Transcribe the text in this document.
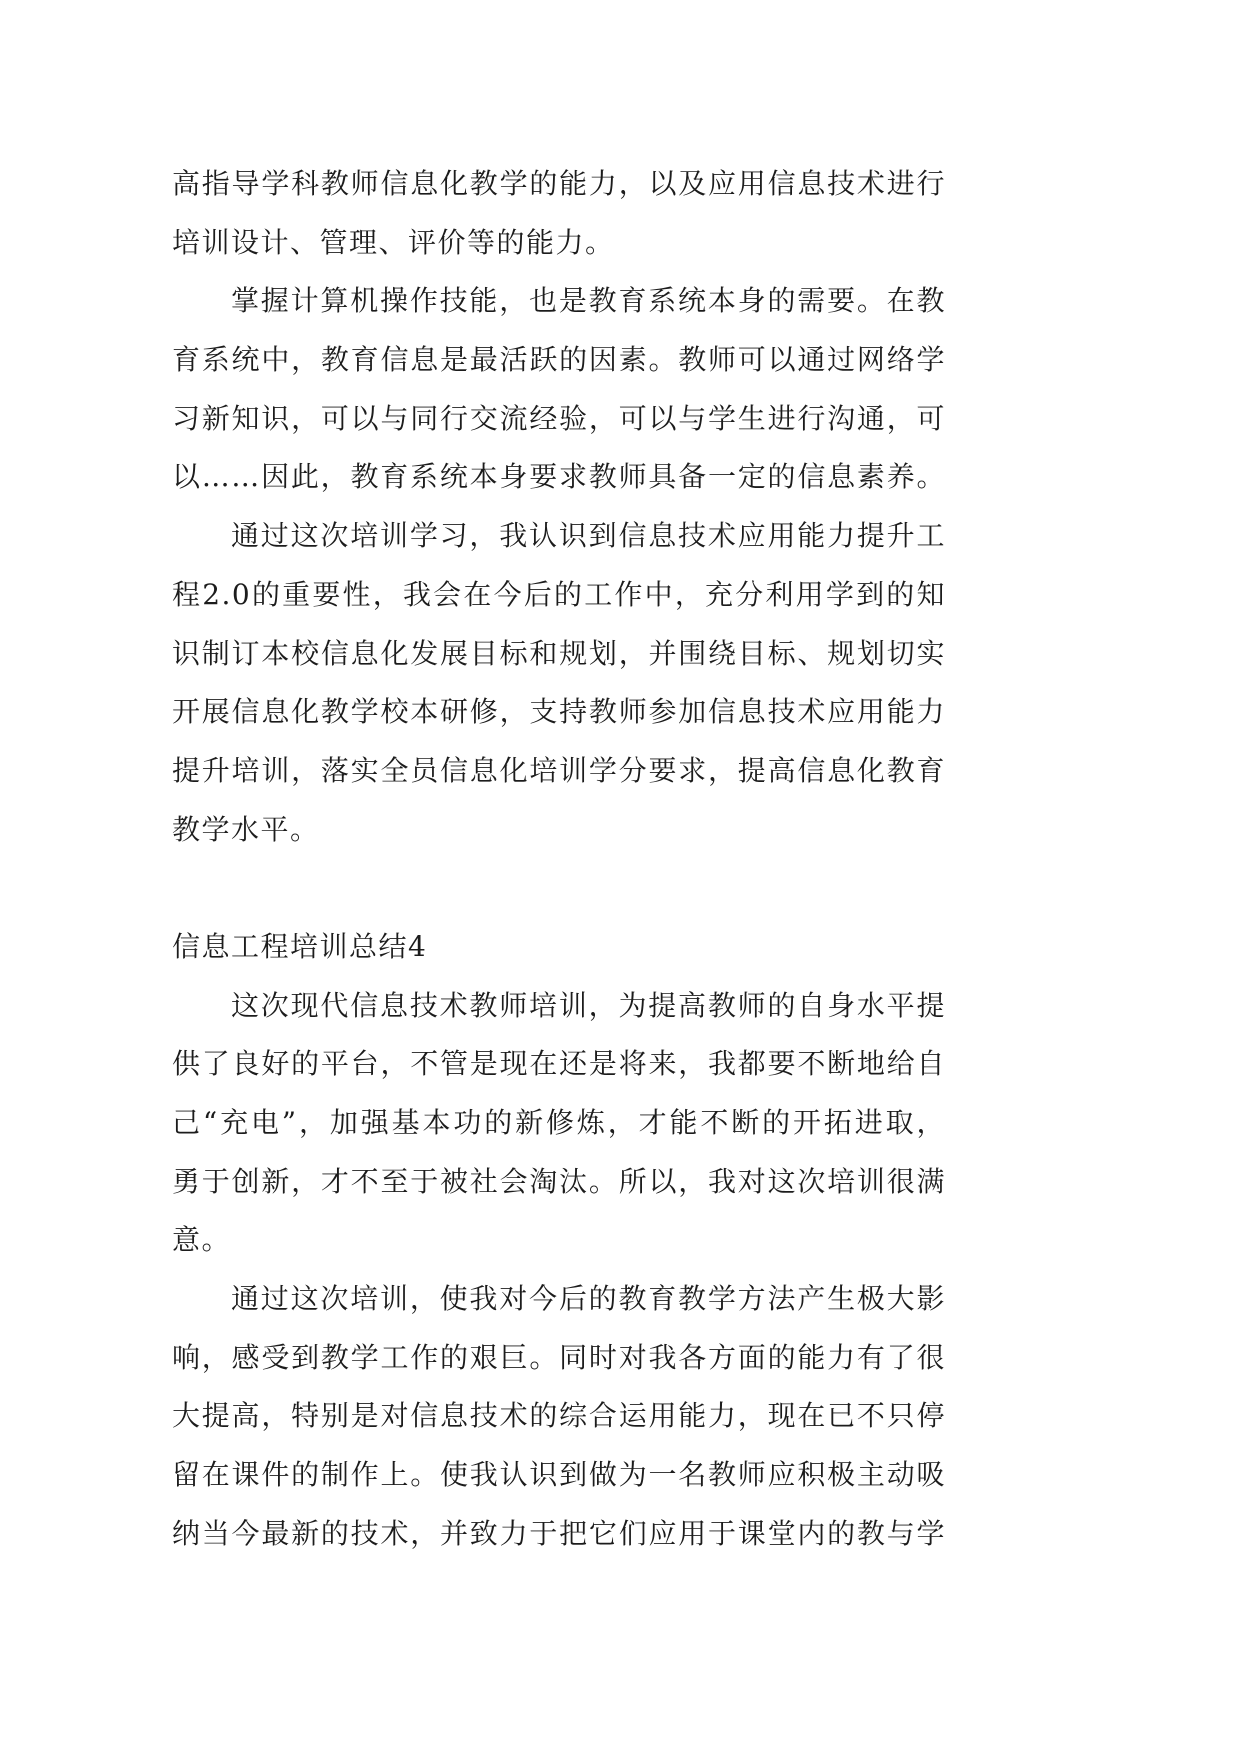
高指导学科教师信息化教学的能力，以及应用信息技术进行
培训设计、管理、评价等的能力。
掌握计算机操作技能，也是教育系统本身的需要。在教
育系统中，教育信息是最活跃的因素。教师可以通过网络学
习新知识，可以与同行交流经验，可以与学生进行沟通，可
以……因此，教育系统本身要求教师具备一定的信息素养。
通过这次培训学习，我认识到信息技术应用能力提升工
程2.0的重要性，我会在今后的工作中，充分利用学到的知
识制订本校信息化发展目标和规划，并围绕目标、规划切实
开展信息化教学校本研修，支持教师参加信息技术应用能力
提升培训，落实全员信息化培训学分要求，提高信息化教育
教学水平。
信息工程培训总结4
这次现代信息技术教师培训，为提高教师的自身水平提
供了良好的平台，不管是现在还是将来，我都要不断地给自
己“充电”，加强基本功的新修炼，才能不断的开拓进取，
勇于创新，才不至于被社会淘汰。所以，我对这次培训很满
意。
通过这次培训，使我对今后的教育教学方法产生极大影
响，感受到教学工作的艰巨。同时对我各方面的能力有了很
大提高，特别是对信息技术的综合运用能力，现在已不只停
留在课件的制作上。使我认识到做为一名教师应积极主动吸
纳当今最新的技术，并致力于把它们应用于课堂内的教与学
